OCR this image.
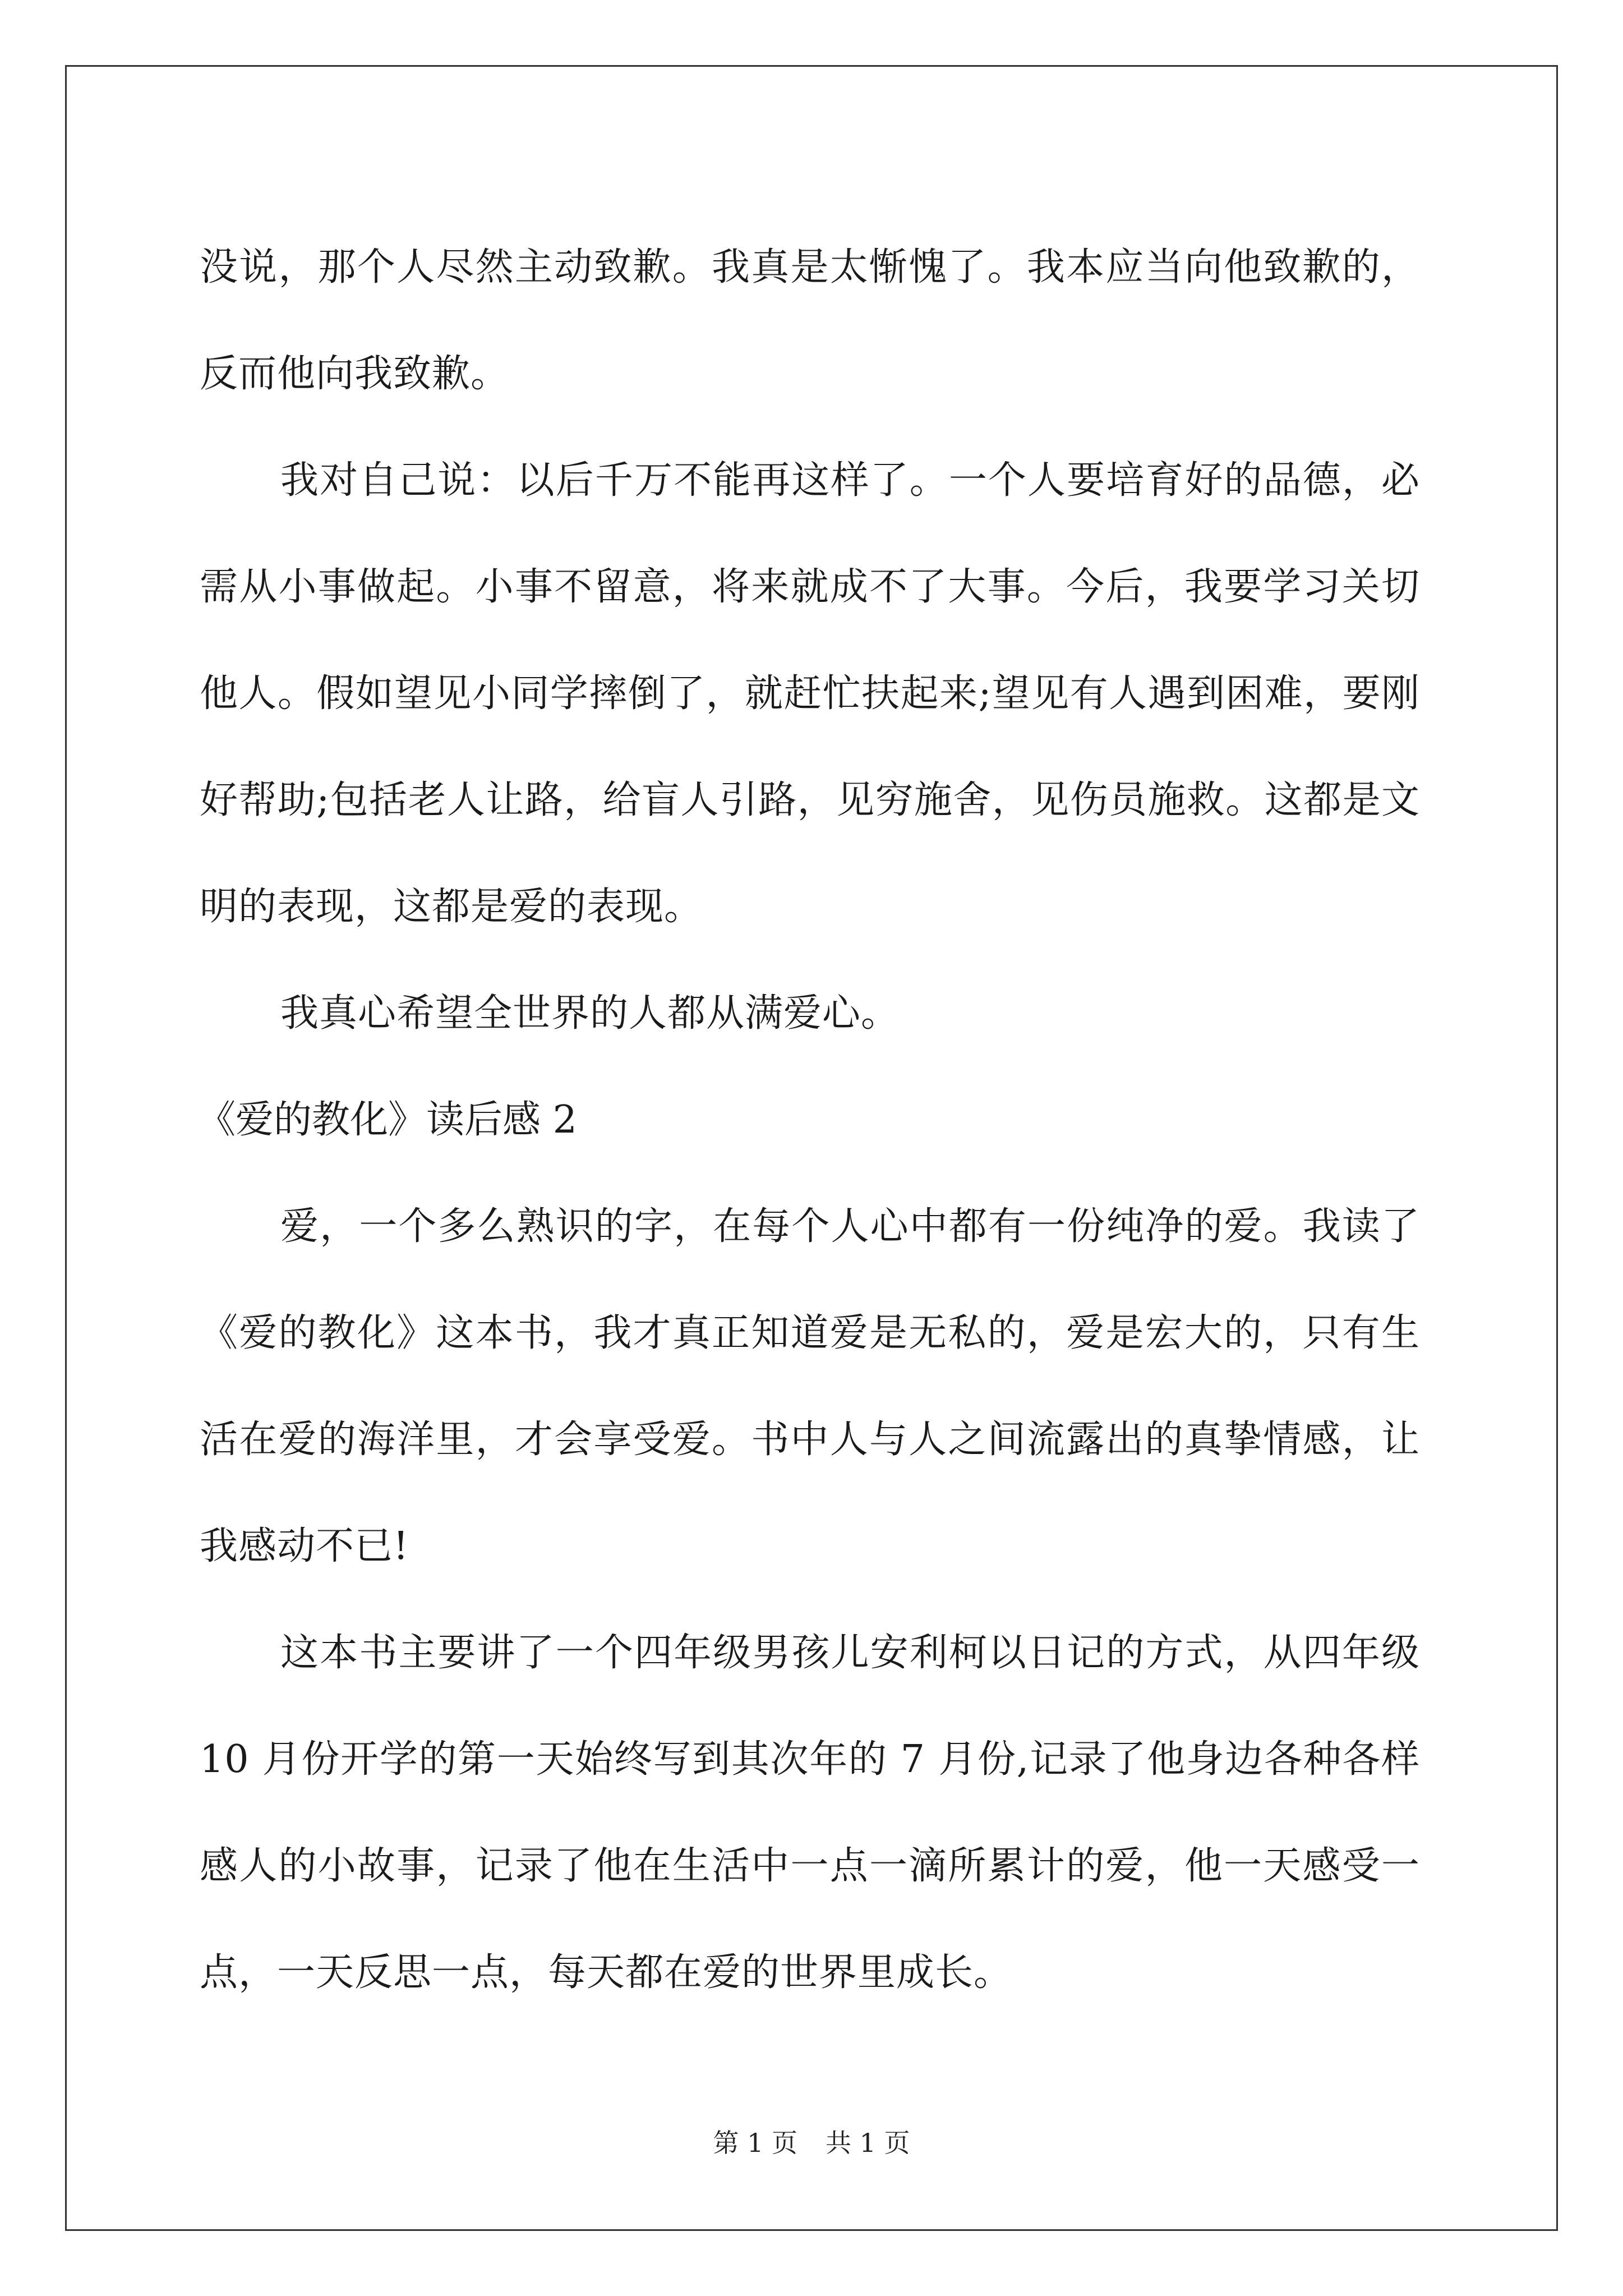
没说，那个人尽然主动致歉。我真是太惭愧了。我本应当向他致歉的，反而他向我致歉。

我对自己说：以后千万不能再这样了。一个人要培育好的品德，必需从小事做起。小事不留意，将来就成不了大事。今后，我要学习关切他人。假如望见小同学摔倒了，就赶忙扶起来;望见有人遇到困难，要刚好帮助;包括老人让路，给盲人引路，见穷施舍，见伤员施救。这都是文明的表现，这都是爱的表现。

我真心希望全世界的人都从满爱心。

《爱的教化》读后感 2

爱，一个多么熟识的字，在每个人心中都有一份纯净的爱。我读了《爱的教化》这本书，我才真正知道爱是无私的，爱是宏大的，只有生活在爱的海洋里，才会享受爱。书中人与人之间流露出的真挚情感，让我感动不已!

这本书主要讲了一个四年级男孩儿安利柯以日记的方式，从四年级 10 月份开学的第一天始终写到其次年的 7 月份,记录了他身边各种各样感人的小故事，记录了他在生活中一点一滴所累计的爱，他一天感受一点，一天反思一点，每天都在爱的世界里成长。

第 1 页 共 1 页
